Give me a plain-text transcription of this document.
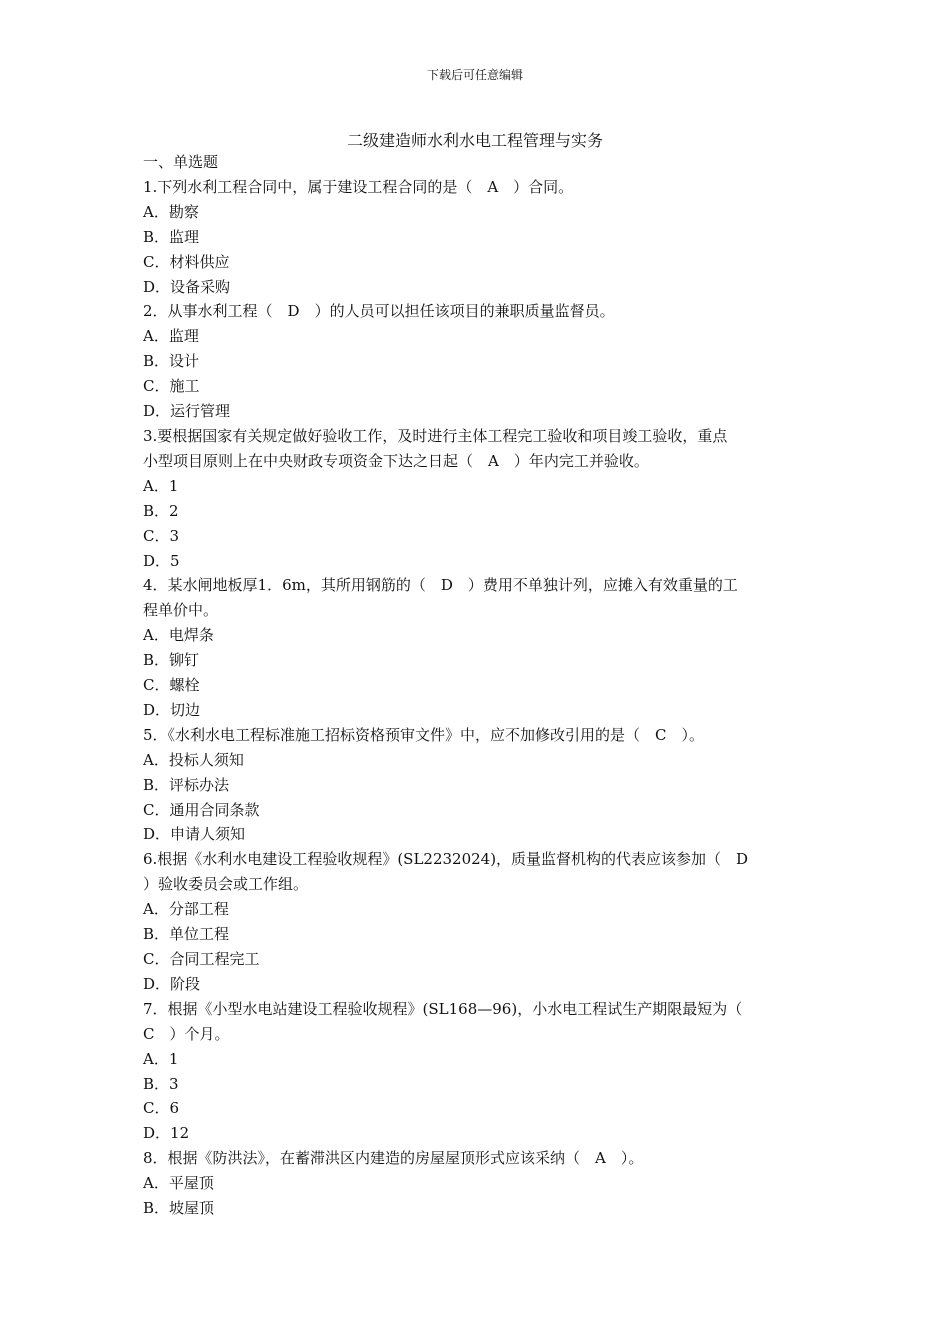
下载后可任意编辑
二级建造师水利水电工程管理与实务

一、单选题

1.下列水利工程合同中，属于建设工程合同的是（　A　）合同。

A．勘察

B．监理

C．材料供应

D．设备采购

2．从事水利工程（　D　）的人员可以担任该项目的兼职质量监督员。

A．监理

B．设计

C．施工

D．运行管理

3.要根据国家有关规定做好验收工作，及时进行主体工程完工验收和项目竣工验收，重点

小型项目原则上在中央财政专项资金下达之日起（　A　）年内完工并验收。

A．1

B．2

C．3

D．5

4．某水闸地板厚1．6m，其所用钢筋的（　D　）费用不单独计列，应摊入有效重量的工

程单价中。

A．电焊条

B．铆钉

C．螺栓

D．切边

5．《水利水电工程标准施工招标资格预审文件》中，应不加修改引用的是（　C　）。

A．投标人须知

B．评标办法

C．通用合同条款

D．申请人须知

6.根据《水利水电建设工程验收规程》(SL2232024)，质量监督机构的代表应该参加（　D

）验收委员会或工作组。

A．分部工程

B．单位工程

C．合同工程完工

D．阶段

7．根据《小型水电站建设工程验收规程》(SL168—96)，小水电工程试生产期限最短为（

C　）个月。

A．1

B．3

C．6

D．12

8．根据《防洪法》，在蓄滞洪区内建造的房屋屋顶形式应该采纳（　A　）。

A．平屋顶

B．坡屋顶
